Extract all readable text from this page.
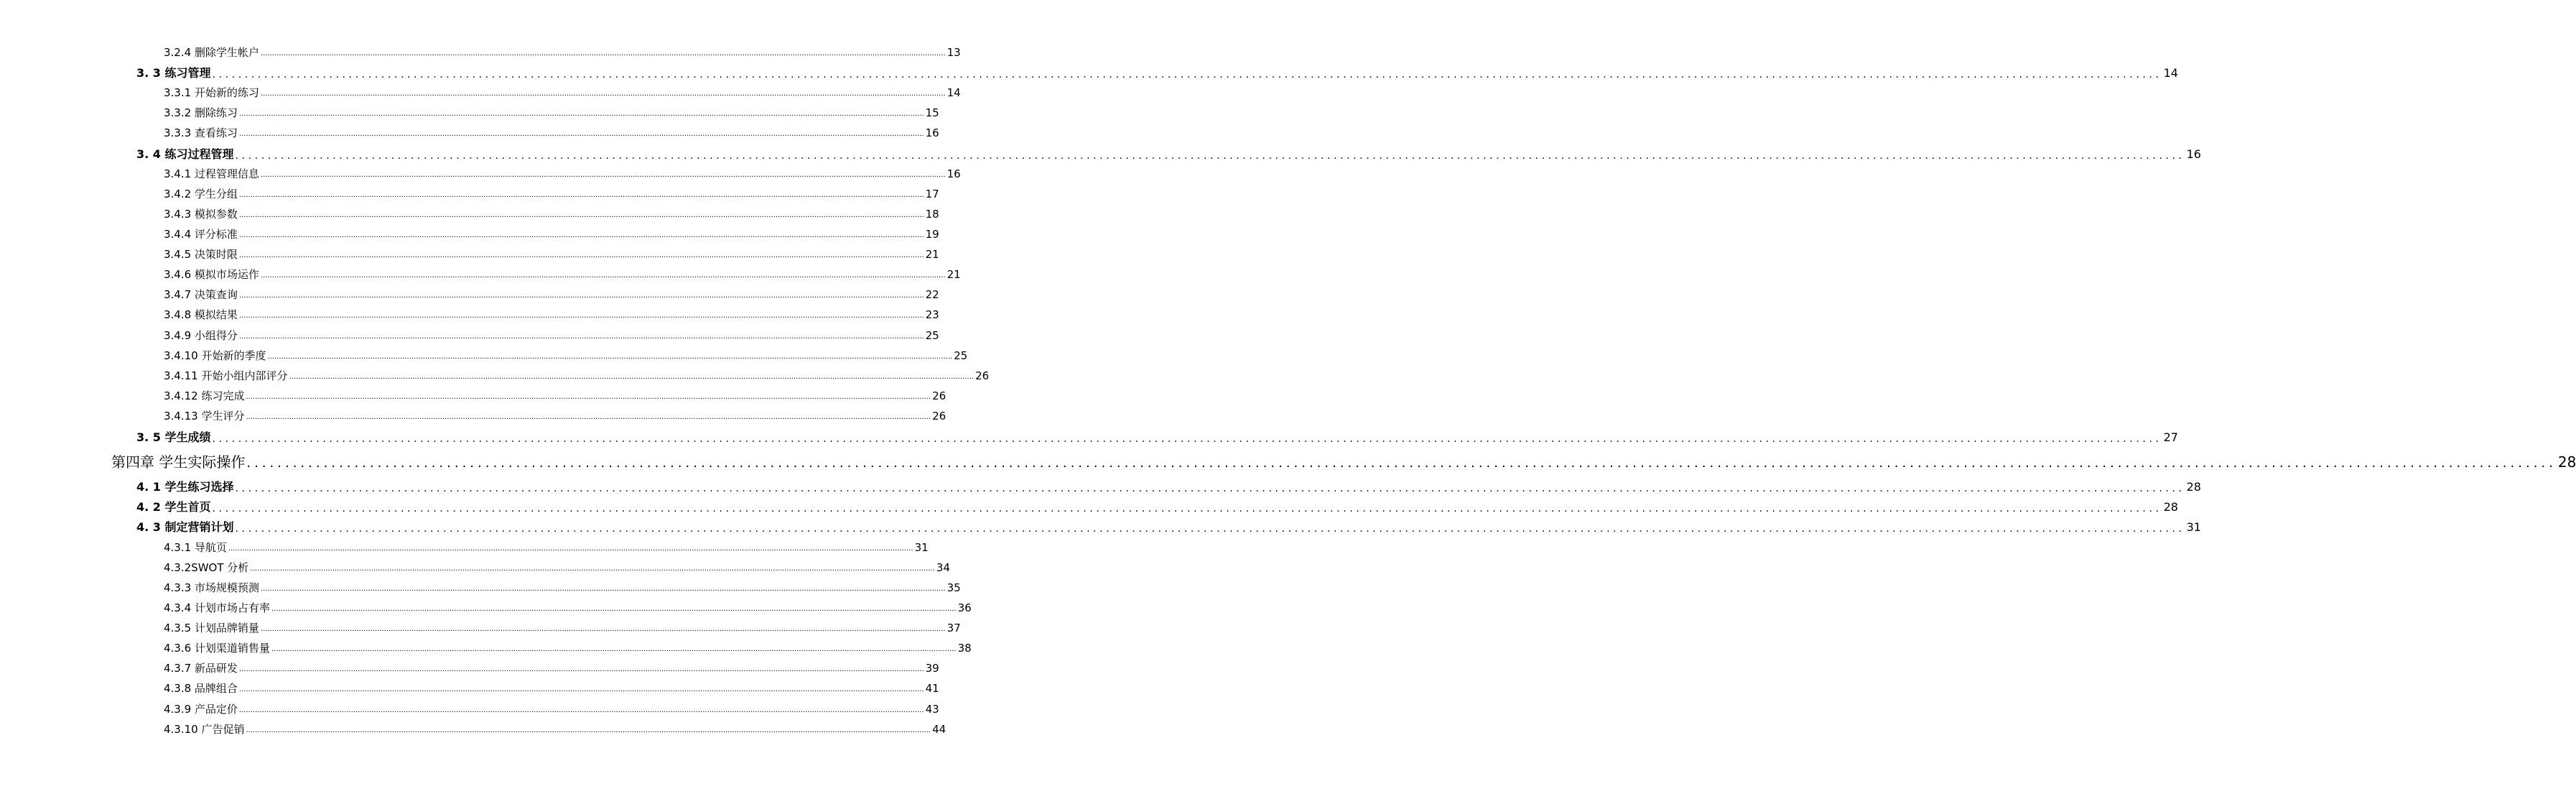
3.2.4 删除学生帐户 ............................................................................................................................................................................................................................................................................................................ 13
3. 3 练习管理 ............................................................................................................................................................................................................................................................................................................ 14
3.3.1 开始新的练习 ............................................................................................................................................................................................................................................................................................................ 14
3.3.2 删除练习 ............................................................................................................................................................................................................................................................................................................ 15
3.3.3 查看练习 ............................................................................................................................................................................................................................................................................................................ 16
3. 4 练习过程管理 ............................................................................................................................................................................................................................................................................................................ 16
3.4.1 过程管理信息 ............................................................................................................................................................................................................................................................................................................ 16
3.4.2 学生分组 ............................................................................................................................................................................................................................................................................................................ 17
3.4.3 模拟参数 ............................................................................................................................................................................................................................................................................................................ 18
3.4.4 评分标准 ............................................................................................................................................................................................................................................................................................................ 19
3.4.5 决策时限 ............................................................................................................................................................................................................................................................................................................ 21
3.4.6 模拟市场运作 ............................................................................................................................................................................................................................................................................................................ 21
3.4.7 决策查询 ............................................................................................................................................................................................................................................................................................................ 22
3.4.8 模拟结果 ............................................................................................................................................................................................................................................................................................................ 23
3.4.9 小组得分 ............................................................................................................................................................................................................................................................................................................ 25
3.4.10 开始新的季度 ............................................................................................................................................................................................................................................................................................................ 25
3.4.11 开始小组内部评分 ............................................................................................................................................................................................................................................................................................................ 26
3.4.12 练习完成 ............................................................................................................................................................................................................................................................................................................ 26
3.4.13 学生评分 ............................................................................................................................................................................................................................................................................................................ 26
3. 5 学生成绩 ............................................................................................................................................................................................................................................................................................................ 27
第四章 学生实际操作 ............................................................................................................................................................................................................................................................................................................ 28
4. 1 学生练习选择 ............................................................................................................................................................................................................................................................................................................ 28
4. 2 学生首页 ............................................................................................................................................................................................................................................................................................................ 28
4. 3 制定营销计划 ............................................................................................................................................................................................................................................................................................................ 31
4.3.1 导航页 ............................................................................................................................................................................................................................................................................................................ 31
4.3.2SWOT 分析 ............................................................................................................................................................................................................................................................................................................ 34
4.3.3 市场规模预测 ............................................................................................................................................................................................................................................................................................................ 35
4.3.4 计划市场占有率 ............................................................................................................................................................................................................................................................................................................ 36
4.3.5 计划品牌销量 ............................................................................................................................................................................................................................................................................................................ 37
4.3.6 计划渠道销售量 ............................................................................................................................................................................................................................................................................................................ 38
4.3.7 新品研发 ............................................................................................................................................................................................................................................................................................................ 39
4.3.8 品牌组合 ............................................................................................................................................................................................................................................................................................................ 41
4.3.9 产品定价 ............................................................................................................................................................................................................................................................................................................ 43
4.3.10 广告促销 ............................................................................................................................................................................................................................................................................................................ 44
